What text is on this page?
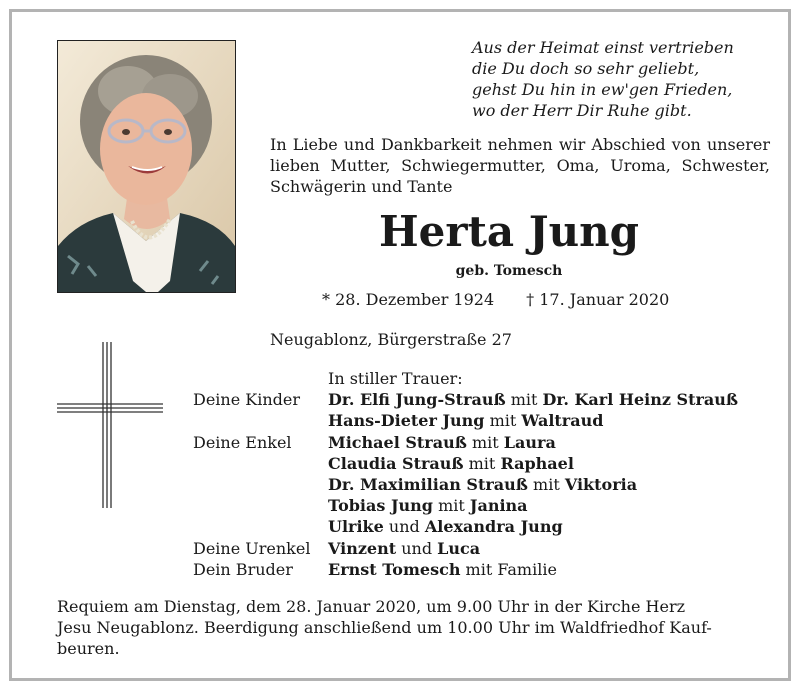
Aus der Heimat einst vertrieben
die Du doch so sehr geliebt,
gehst Du hin in ew'gen Frieden,
wo der Herr Dir Ruhe gibt.
In Liebe und Dankbarkeit nehmen wir Abschied von unserer lieben Mutter, Schwiegermutter, Oma, Uroma, Schwester, Schwägerin und Tante
Herta Jung
geb. Tomesch
* 28. Dezember 1924 † 17. Januar 2020
Neugablonz, Bürgerstraße 27
In stiller Trauer:
Deine Kinder	Dr. Elfi Jung-Strauß mit Dr. Karl Heinz Strauß
Hans-Dieter Jung mit Waltraud
Deine Enkel	Michael Strauß mit Laura
Claudia Strauß mit Raphael
Dr. Maximilian Strauß mit Viktoria
Tobias Jung mit Janina
Ulrike und Alexandra Jung
Deine Urenkel	Vinzent und Luca
Dein Bruder	Ernst Tomesch mit Familie
Requiem am Dienstag, dem 28. Januar 2020, um 9.00 Uhr in der Kirche Herz
Jesu Neugablonz. Beerdigung anschließend um 10.00 Uhr im Waldfriedhof Kauf-
beuren.
